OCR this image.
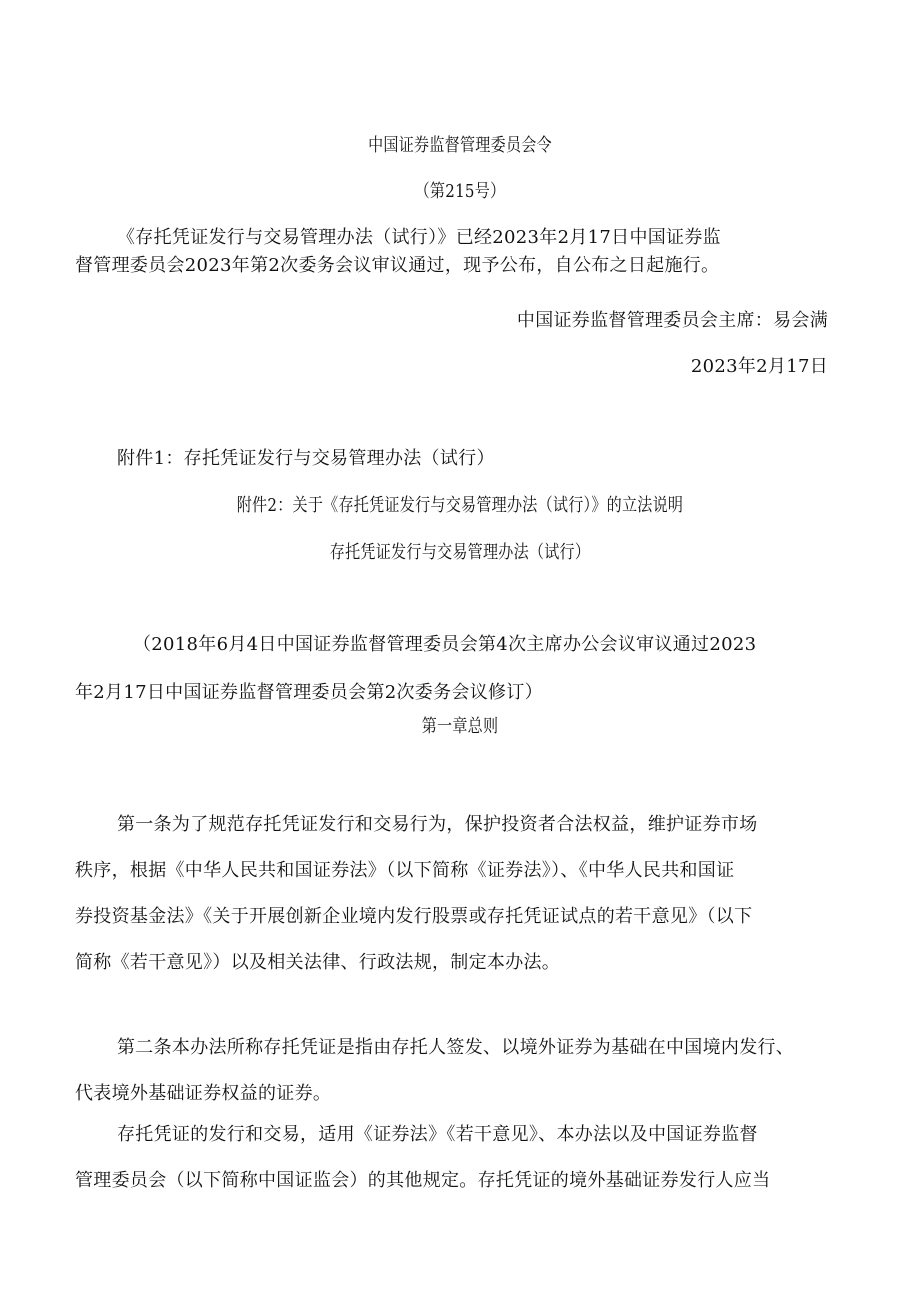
中国证券监督管理委员会令
（第215号）
《存托凭证发行与交易管理办法（试行）》已经2023年2月17日中国证券监
督管理委员会2023年第2次委务会议审议通过，现予公布，自公布之日起施行。
中国证券监督管理委员会主席：易会满
2023年2月17日
附件1：存托凭证发行与交易管理办法（试行）
附件2：关于《存托凭证发行与交易管理办法（试行）》的立法说明
存托凭证发行与交易管理办法（试行）
（2018年6月4日中国证券监督管理委员会第4次主席办公会议审议通过2023
年2月17日中国证券监督管理委员会第2次委务会议修订）
第一章总则
第一条为了规范存托凭证发行和交易行为，保护投资者合法权益，维护证券市场
秩序，根据《中华人民共和国证券法》（以下简称《证券法》）、《中华人民共和国证
券投资基金法》《关于开展创新企业境内发行股票或存托凭证试点的若干意见》（以下
简称《若干意见》）以及相关法律、行政法规，制定本办法。
第二条本办法所称存托凭证是指由存托人签发、以境外证券为基础在中国境内发行、
代表境外基础证券权益的证券。
存托凭证的发行和交易，适用《证券法》《若干意见》、本办法以及中国证券监督
管理委员会（以下简称中国证监会）的其他规定。存托凭证的境外基础证券发行人应当
